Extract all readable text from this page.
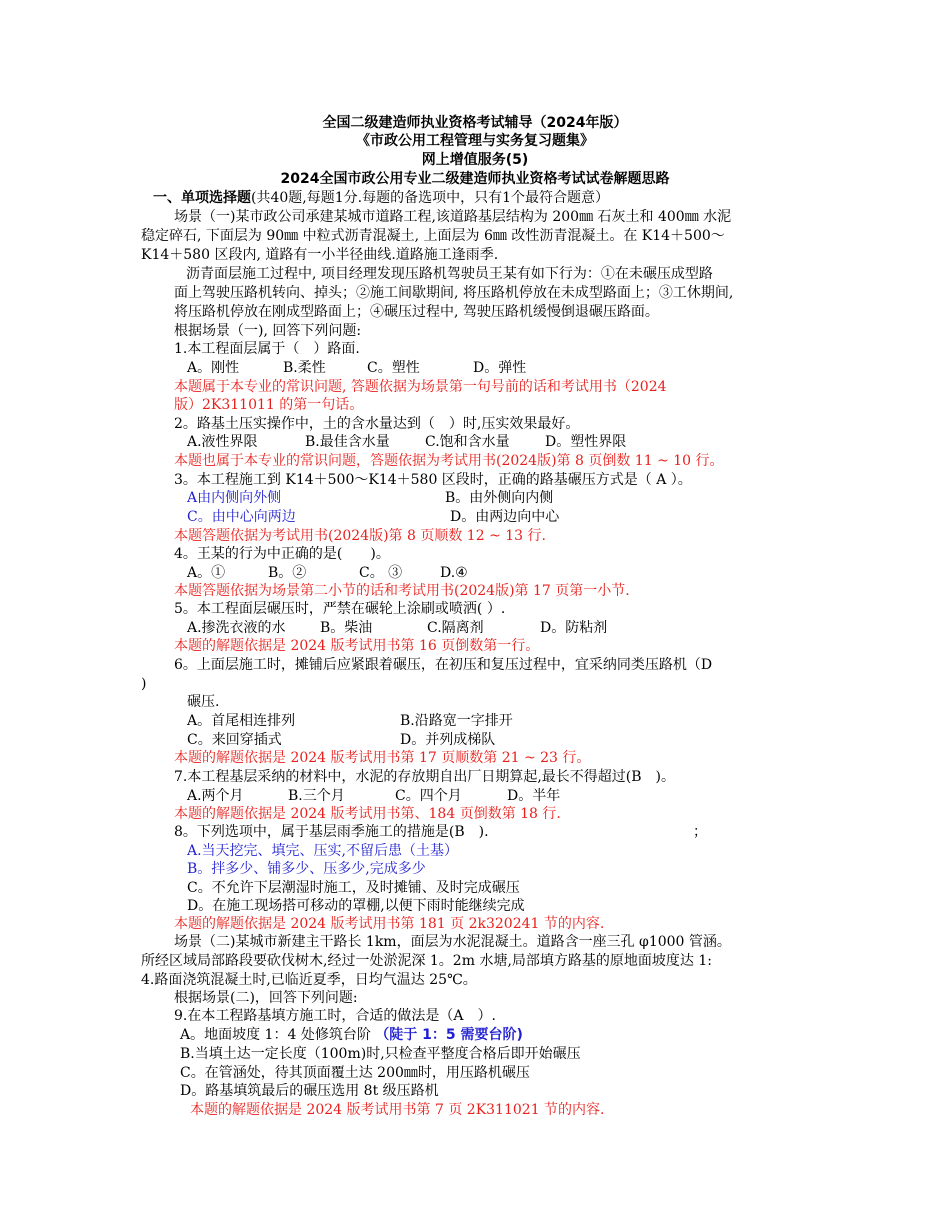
全国二级建造师执业资格考试辅导（2024年版）
《市政公用工程管理与实务复习题集》
网上增值服务(5)
2024全国市政公用专业二级建造师执业资格考试试卷解题思路
一、单项选择题(共40题,每题1分.每题的备选项中，只有1个最符合题意）
场景（一)某市政公司承建某城市道路工程,该道路基层结构为 200㎜ 石灰土和 400㎜ 水泥
稳定碎石, 下面层为 90㎜ 中粒式沥青混凝土, 上面层为 6㎜ 改性沥青混凝土。在 K14＋500～
K14＋580 区段内, 道路有一小半径曲线.道路施工逢雨季.
沥青面层施工过程中, 项目经理发现压路机驾驶员王某有如下行为：①在未碾压成型路
面上驾驶压路机转向、掉头；②施工间歇期间, 将压路机停放在未成型路面上；③工休期间,
将压路机停放在刚成型路面上；④碾压过程中, 驾驶压路机缓慢倒退碾压路面。
根据场景（一), 回答下列问题:
1.本工程面层属于（　）路面.
A。刚性	B.柔性	C。塑性	D。弹性
本题属于本专业的常识问题, 答题依据为场景第一句号前的话和考试用书（2024
版）2K311011 的第一句话。
2。路基土压实操作中，土的含水量达到（　）时,压实效果最好。
A.液性界限	B.最佳含水量	C.饱和含水量	D。塑性界限
本题也属于本专业的常识问题，答题依据为考试用书(2024版)第 8 页倒数 11 ~ 10 行。
3。本工程施工到 K14＋500～K14＋580 区段时，正确的路基碾压方式是（ A ）。
A由内侧向外侧	B。由外侧向内侧
C。由中心向两边	D。由两边向中心
本题答题依据为考试用书(2024版)第 8 页顺数 12 ~ 13 行.
4。王某的行为中正确的是(　　)。
A。①	B。②	C。 ③	D.④
本题答题依据为场景第二小节的话和考试用书(2024版)第 17 页第一小节.
5。本工程面层碾压时，严禁在碾轮上涂刷或喷洒( ）.
A.掺洗衣液的水 B。柴油	C.隔离剂	D。防粘剂
本题的解题依据是 2024 版考试用书第 16 页倒数第一行。
6。上面层施工时，摊铺后应紧跟着碾压，在初压和复压过程中，宜采纳同类压路机（D
)
碾压.
A。首尾相连排列	B.沿路宽一字排开
C。来回穿插式	D。并列成梯队
本题的解题依据是 2024 版考试用书第 17 页顺数第 21 ~ 23 行。
7.本工程基层采纳的材料中，水泥的存放期自出厂日期算起,最长不得超过(B　)。
A.两个月	B.三个月	C。四个月	D。半年
本题的解题依据是 2024 版考试用书第、184 页倒数第 18 行.
8。下列选项中，属于基层雨季施工的措施是(B　).	；
A.当天挖完、填完、压实,不留后患（土基）
B。拌多少、铺多少、压多少,完成多少
C。不允许下层潮湿时施工，及时摊铺、及时完成碾压
D。在施工现场搭可移动的罩棚,以便下雨时能继续完成
本题的解题依据是 2024 版考试用书第 181 页 2k320241 节的内容.
场景（二)某城市新建主干路长 1km，面层为水泥混凝土。道路含一座三孔 φ1000 管涵。
所经区域局部路段要砍伐树木,经过一处淤泥深 1。2m 水塘,局部填方路基的原地面坡度达 1:
4.路面浇筑混凝土时,已临近夏季，日均气温达 25℃。
根据场景(二)，回答下列问题:
9.在本工程路基填方施工时，合适的做法是（A　）.
A。地面坡度 1：4 处修筑台阶 （陡于 1：5 需要台阶)
B.当填土达一定长度（100m)时,只检查平整度合格后即开始碾压
C。在管涵处，待其顶面覆土达 200㎜时，用压路机碾压
D。路基填筑最后的碾压选用 8t 级压路机
本题的解题依据是 2024 版考试用书第 7 页 2K311021 节的内容.
